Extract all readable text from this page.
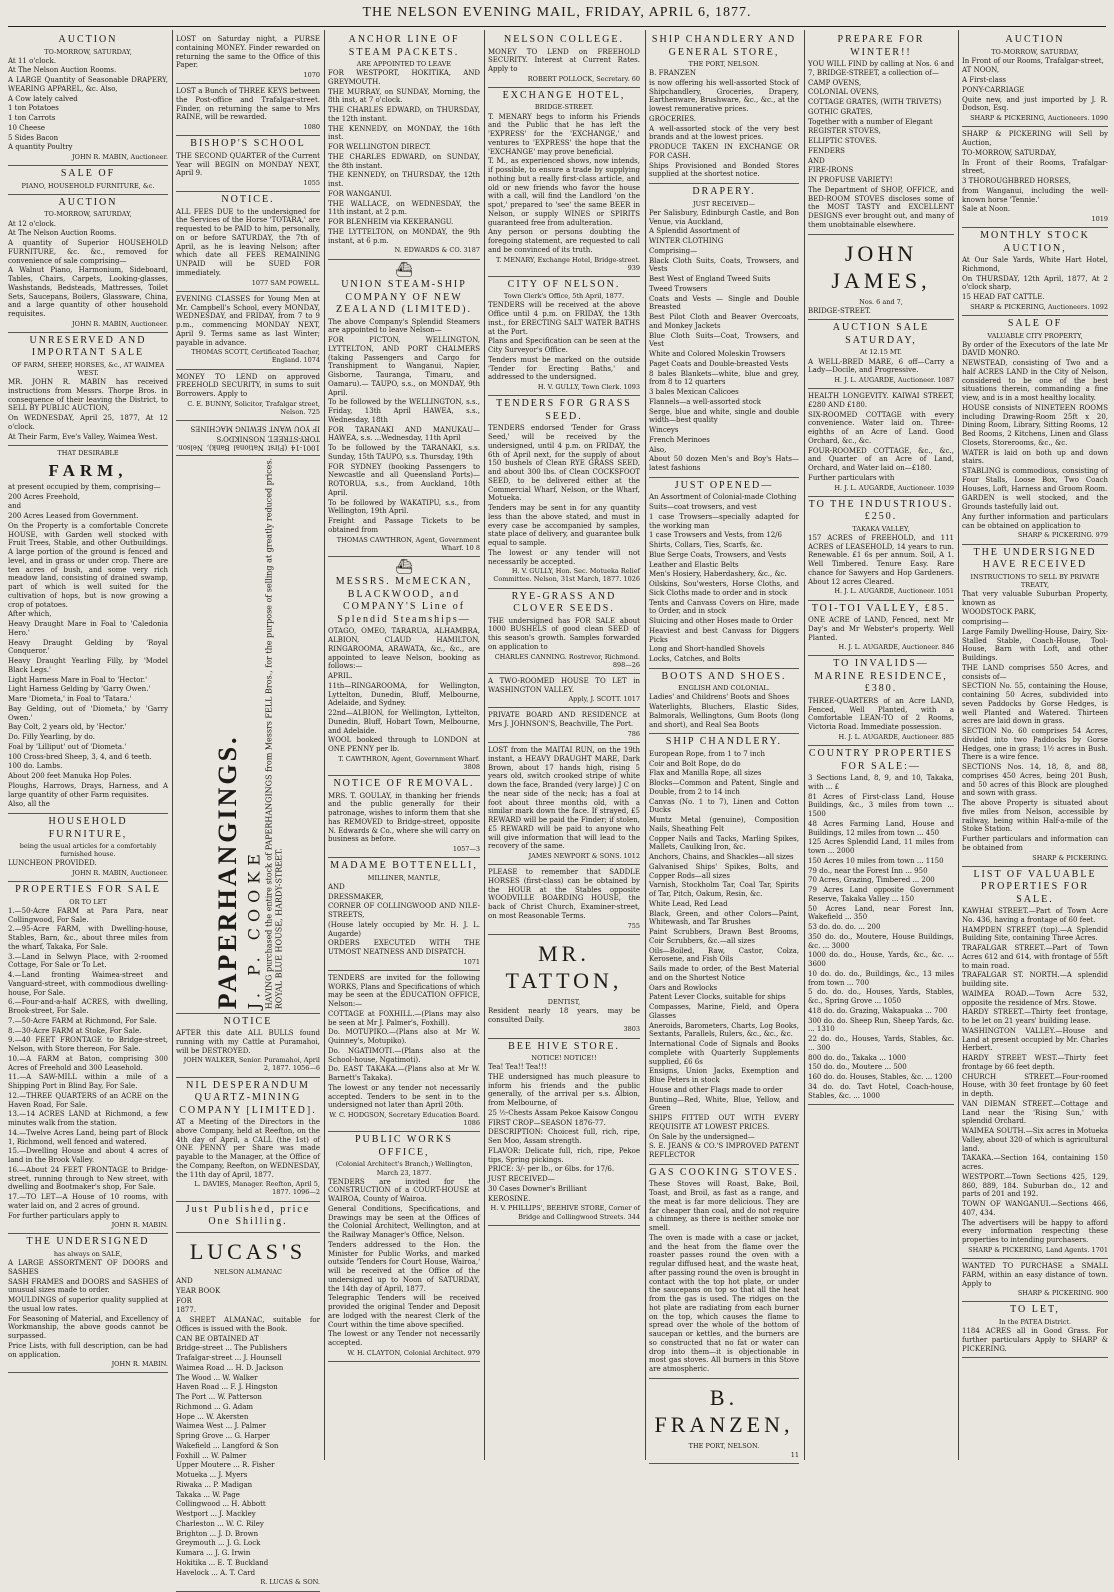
THE NELSON EVENING MAIL, FRIDAY, APRIL 6, 1877.
AUCTION
TO-MORROW, SATURDAY,

At 11 o'clock.

At The Nelson Auction Rooms.

A LARGE Quantity of Seasonable DRAPERY, WEARING APPAREL, &c. Also,

A Cow lately calved

1 ton Potatoes

1 ton Carrots

10 Cheese

5 Sides Bacon

A quantity Poultry

JOHN R. MABIN, Auctioneer.
SALE OF
PIANO, HOUSEHOLD FURNITURE, &c.
AUCTION
TO-MORROW, SATURDAY,

At 12 o'clock.

At The Nelson Auction Rooms.

A quantity of Superior HOUSEHOLD FURNITURE, &c. &c., removed for convenience of sale comprising—

A Walnut Piano, Harmonium, Sideboard, Tables, Chairs, Carpets, Looking-glasses, Washstands, Bedsteads, Mattresses, Toilet Sets, Saucepans, Boilers, Glassware, China, and a large quantity of other household requisites.

JOHN R. MABIN, Auctioneer.
UNRESERVED AND IMPORTANT SALE
OF FARM, SHEEP, HORSES, &c., AT WAIMEA WEST.

MR. JOHN R. MABIN has received instructions from Messrs. Thorpe Bros. in consequence of their leaving the District, to SELL BY PUBLIC AUCTION,

On WEDNESDAY, April 25, 1877, At 12 o'clock.

At Their Farm, Eve's Valley, Waimea West.

THAT DESIRABLE
FARM,

at present occupied by them, comprising—

200 Acres Freehold,

and

200 Acres Leased from Government.

On the Property is a comfortable Concrete HOUSE, with Garden well stocked with Fruit Trees, Stable, and other Outbuildings. A large portion of the ground is fenced and level, and in grass or under crop. There are ten acres of bush, and some very rich meadow land, consisting of drained swamp, part of which is well suited for the cultivation of hops, but is now growing a crop of potatoes.

After which,

Heavy Draught Mare in Foal to 'Caledonia Hero.'

Heavy Draught Gelding by 'Royal Conqueror.'

Heavy Draught Yearling Filly, by 'Model Black Legs.'

Light Harness Mare in Foal to 'Hector.'

Light Harness Gelding by 'Garry Owen.'

Mare 'Diometa,' in Foal to 'Tatara.'

Bay Gelding, out of 'Diometa,' by 'Garry Owen.'

Bay Colt, 2 years old, by 'Hector.'

Do. Filly Yearling, by do.

Foal by 'Lilliput' out of 'Diometa.'

100 Cross-bred Sheep, 3, 4, and 6 teeth.

100 do. Lambs.

About 200 feet Manuka Hop Poles.

Ploughs, Harrows, Drays, Harness, and A large quantity of other Farm requisites.

Also, all the

HOUSEHOLD FURNITURE,
being the usual articles for a comfortably furnished house.

LUNCHEON PROVIDED.

JOHN R. MABIN, Auctioneer.
PROPERTIES FOR SALE
OR TO LET

1.—50-Acre FARM at Para Para, near Collingwood, For Sale.

2.—95-Acre FARM, with Dwelling-house, Stables, Barn, &c., about three miles from the wharf, Takaka, For Sale.

3.—Land in Selwyn Place, with 2-roomed Cottage, For Sale or To Let.

4.—Land fronting Waimea-street and Vanguard-street, with commodious dwelling-house, For Sale.

6.—Four-and-a-half ACRES, with dwelling, Brook-street, For Sale.

7.—50-Acre FARM at Richmond, For Sale.

8.—30-Acre FARM at Stoke, For Sale.

9.—40 FEET FRONTAGE to Bridge-street, Nelson, with Store thereon, For Sale.

10.—A FARM at Baton, comprising 300 Acres of Freehold and 300 Leasehold.

11.—A SAW-MILL within a mile of a Shipping Port in Blind Bay, For Sale.

12.—THREE QUARTERS of an ACRE on the Haven Road, For Sale.

13.—14 ACRES LAND at Richmond, a few minutes walk from the station.

14.—Twelve Acres Land, being part of Block 1, Richmond, well fenced and watered.

15.—Dwelling House and about 4 acres of land in the Brook Valley.

16.—About 24 FEET FRONTAGE to Bridge-street, running through to New street, with dwelling and Bootmaker's shop, For Sale.

17.—TO LET—A House of 10 rooms, with water laid on, and 2 acres of ground.

For further particulars apply to

JOHN R. MABIN.
THE UNDERSIGNED
has always on SALE,

A LARGE ASSORTMENT OF DOORS and SASHES

SASH FRAMES and DOORS and SASHES of unusual sizes made to order.

MOULDINGS of superior quality supplied at the usual low rates.

For Seasoning of Material, and Excellency of Workmanship, the above goods cannot be surpassed.

Price Lists, with full description, can be had on application.

JOHN R. MABIN.

LOST on Saturday night, a PURSE containing MONEY. Finder rewarded on returning the same to the Office of this Paper.

1070

LOST a Bunch of THREE KEYS between the Post-office and Trafalgar-street. Finder, on returning the same to Mrs RAINE, will be rewarded.

1080
BISHOP'S SCHOOL

THE SECOND QUARTER of the Current Year will BEGIN on MONDAY NEXT, April 9.

1055
NOTICE.

ALL FEES DUE to the undersigned for the Services of the Horse 'TOTARA,' are requested to be PAID to him, personally, on or before SATURDAY, the 7th of April, as he is leaving Nelson; after which date all FEES REMAINING UNPAID will be SUED FOR immediately.

1077 SAM POWELL.

EVENING CLASSES for Young Men at Mr. Campbell's School, every MONDAY, WEDNESDAY, and FRIDAY, from 7 to 9 p.m., commencing MONDAY NEXT, April 9. Terms same as last Winter; payable in advance.

THOMAS SCOTT, Certificated Teacher, England. 1074

MONEY TO LEND on approved FREEHOLD SECURITY, in sums to suit Borrowers. Apply to

C. E. BUNNY, Solicitor, Trafalgar street, Nelson. 725

1001-14 (First National Bank), Nelson. TORY-STREET, NOSNIKDO'S

IF YOU WANT SEWING MACHINES

PAPERHANGINGS. J. P. COOKE HAVING purchased the entire stock of PAPERHANGINGS from Messrs FELL Bros., for the purpose of selling at greatly reduced prices. ROYAL BLUE HOUSE, HARDY-STREET.
NOTICE

AFTER this date ALL BULLS found running with my Cattle at Puramahoi, will be DESTROYED.

JOHN WALKER, Senior. Puramahoi, April 2, 1877. 1056—6
NIL DESPERANDUM QUARTZ-MINING COMPANY [LIMITED].

AT a Meeting of the Directors in the above Company, held at Reefton, on the 4th day of April, a CALL (the 1st) of ONE PENNY per Share was made payable to the Manager, at the Office of the Company, Reefton, on WEDNESDAY, the 11th day of April, 1877.

L. DAVIES, Manager. Reefton, April 5, 1877. 1096—2
Just Published, price One Shilling.
LUCAS'S
NELSON ALMANAC

AND

YEAR BOOK

FOR

1877.

A SHEET ALMANAC, suitable for Offices is issued with the Book.

CAN BE OBTAINED AT

Bridge-street ... The Publishers

Trafalgar-street ... J. Hounsell

Waimea Road ... H. D. Jackson

The Wood ... W. Walker

Haven Road ... F. J. Hingston

The Port ... W. Patterson

Richmond ... G. Adam

Hope ... W. Akersten

Waimea West ... J. Palmer

Spring Grove ... G. Harper

Wakefield ... Langford & Son

Foxhill ... W. Palmer

Upper Moutere ... R. Fisher

Motueka ... J. Myers

Riwaka ... P. Madigan

Takaka ... W. Page

Collingwood ... H. Abbott

Westport ... J. Mackley

Charleston ... W. C. Riley

Brighton ... J. D. Brown

Greymouth ... J. G. Lock

Kumara ... J. G. Irwin

Hokitika ... E. T. Buckland

Havelock ... A. T. Card

R. LUCAS & SON.
ANCHOR LINE OF STEAM PACKETS.
ARE APPOINTED TO LEAVE

FOR WESTPORT, HOKITIKA, AND GREYMOUTH.

THE MURRAY, on SUNDAY, Morning, the 8th inst, at 7 o'clock.

THE CHARLES EDWARD, on THURSDAY, the 12th instant.

THE KENNEDY, on MONDAY, the 16th inst.

FOR WELLINGTON DIRECT.

THE CHARLES EDWARD, on SUNDAY, the 8th instant.

THE KENNEDY, on THURSDAY, the 12th inst.

FOR WANGANUI.

THE WALLACE, on WEDNESDAY, the 11th instant, at 2 p.m.

FOR BLENHEIM via KEKERANGU.

THE LYTTELTON, on MONDAY, the 9th instant, at 6 p.m.

N. EDWARDS & CO. 3187
⛴
UNION STEAM-SHIP COMPANY OF NEW ZEALAND (LIMITED).

The above Company's Splendid Steamers are appointed to leave Nelson—

FOR PICTON, WELLINGTON, LYTTELTON, AND PORT CHALMERS (taking Passengers and Cargo for Transhipment to Wanganui, Napier, Gisborne, Tauranga, Timaru, and Oamaru).— TAUPO, s.s., on MONDAY, 9th April.

To be followed by the WELLINGTON, s.s., Friday, 13th April HAWEA, s.s., Wednesday, 18th

FOR TARANAKI AND MANUKAU— HAWEA, s.s. ...Wednesday, 11th April

To be followed by the TARANAKI, s.s. Sunday, 15th TAUPO, s.s. Thursday, 19th

FOR SYDNEY (booking Passengers to Newcastle and all Queensland Ports)— ROTORUA, s.s., from Auckland, 10th April.

To be followed by WAKATIPU, s.s., from Wellington, 19th April.

Freight and Passage Tickets to be obtained from

THOMAS CAWTHRON, Agent, Government Wharf. 10 8
⛴
MESSRS. McMECKAN, BLACKWOOD, and COMPANY'S Line of Splendid Steamships—

OTAGO, OMEO, TARARUA, ALHAMBRA, ALBION, CLAUD HAMILTON, RINGAROOMA, ARAWATA, &c., &c., are appointed to leave Nelson, booking as follows:—

APRIL.

11th—RINGAROOMA, for Wellington, Lyttelton, Dunedin, Bluff, Melbourne, Adelaide, and Sydney.

22nd—ALBION, for Wellington, Lyttelton, Dunedin, Bluff, Hobart Town, Melbourne, and Adelaide.

WOOL booked through to LONDON at ONE PENNY per lb.

T. CAWTHRON, Agent, Government Wharf. 3808
NOTICE OF REMOVAL.

MRS. T. GOULAY, in thanking her friends and the public generally for their patronage, wishes to inform them that she has REMOVED to Bridge-street, opposite N. Edwards & Co., where she will carry on business as before.

1057—3
MADAME BOTTENELLI,
MILLINER, MANTLE,

AND

DRESSMAKER,

CORNER OF COLLINGWOOD AND NILE-STREETS,

(House lately occupied by Mr. H. J. L. Augarde)

ORDERS EXECUTED WITH THE UTMOST NEATNESS AND DISPATCH.

1071

TENDERS are invited for the following WORKS, Plans and Specifications of which may be seen at the EDUCATION OFFICE, Nelson:—

COTTAGE at FOXHILL.—(Plans may also be seen at Mr J. Palmer's, Foxhill).

Do. MOTUPIKO.—(Plans also at Mr W. Quinney's, Motupiko).

Do. NGATIMOTI.—(Plans also at the School-house, Ngatimoti).

Do. EAST TAKAKA.—(Plans also at Mr W. Barnett's Takaka).

The lowest or any tender not necessarily accepted. Tenders to be sent in to the undersigned not later than April 20th.

W. C. HODGSON, Secretary Education Board. 1086
PUBLIC WORKS OFFICE,
(Colonial Architect's Branch,) Wellington, March 23, 1877.

TENDERS are invited for the CONSTRUCTION of a COURT-HOUSE at WAIROA, County of Wairoa.

General Conditions, Specifications, and Drawings may be seen at the Offices of the Colonial Architect, Wellington, and at the Railway Manager's Office, Nelson.

Tenders addressed to the Hon. the Minister for Public Works, and marked outside 'Tenders for Court House, Wairoa,' will be received at the Office of the undersigned up to Noon of SATURDAY, the 14th day of April, 1877.

Telegraphic Tenders will be received provided the original Tender and Deposit are lodged with the nearest Clerk of the Court within the time above specified.

The lowest or any Tender not necessarily accepted.

W. H. CLAYTON, Colonial Architect. 979
NELSON COLLEGE.

MONEY TO LEND on FREEHOLD SECURITY. Interest at Current Rates. Apply to

ROBERT POLLOCK, Secretary. 60
EXCHANGE HOTEL,
BRIDGE-STREET.

T. MENARY begs to inform his Friends and the Public that he has left the 'EXPRESS' for the 'EXCHANGE,' and ventures to 'EXPRESS' the hope that the 'EXCHANGE' may prove beneficial.

T. M., as experienced shows, now intends, if possible, to ensure a trade by supplying nothing but a really first-class article, and old or new friends who favor the house with a call, will find the Landlord 'on the spot,' prepared to 'see' the same BEER in Nelson, or supply WINES or SPIRITS guaranteed free from adulteration.

Any person or persons doubting the foregoing statement, are requested to call and be convinced of its truth.

T. MENARY, Exchange Hotel, Bridge-street. 939
CITY OF NELSON.
Town Clerk's Office, 5th April, 1877.

TENDERS will be received at the above Office until 4 p.m. on FRIDAY, the 13th inst., for ERECTING SALT WATER BATHS at the Port.

Plans and Specification can be seen at the City Surveyor's Office.

Tenders must be marked on the outside 'Tender for Erecting Baths,' and addressed to the undersigned.

H. V. GULLY, Town Clerk. 1093
TENDERS FOR GRASS SEED.

TENDERS endorsed 'Tender for Grass Seed,' will be received by the undersigned, until 4 p.m. on FRIDAY, the 6th of April next, for the supply of about 150 bushels of Clean RYE GRASS SEED, and about 300 lbs. of Clean COCKSFOOT SEED, to be delivered either at the Commercial Wharf, Nelson, or the Wharf, Motueka.

Tenders may be sent in for any quantity less than the above stated, and must in every case be accompanied by samples, state place of delivery, and guarantee bulk equal to sample.

The lowest or any tender will not necessarily be accepted.

H. V. GULLY, Hon. Sec. Motueka Relief Committee. Nelson, 31st March, 1877. 1026
RYE-GRASS AND CLOVER SEEDS.

THE undersigned has FOR SALE about 1000 BUSHELS of good clean SEED of this season's growth. Samples forwarded on application to

CHARLES CANNING. Rostrevor, Richmond. 898—26

A TWO-ROOMED HOUSE TO LET in WASHINGTON VALLEY.

Apply, J. SCOTT. 1017

PRIVATE BOARD AND RESIDENCE at Mrs J. JOHNSON'S, Beachville, The Port.

786

LOST from the MAITAI RUN, on the 19th instant, a HEAVY DRAUGHT MARE, Dark Brown, about 17 hands high, rising 5 years old, switch crooked stripe of white down the face, Branded (very large) J C on the near side of the neck; has a foal at foot about three months old, with a similar mark down the face. If strayed, £5 REWARD will be paid the Finder; if stolen, £5 REWARD will be paid to anyone who will give information that will lead to the recovery of the same.

JAMES NEWPORT & SONS. 1012

PLEASE to remember that SADDLE HORSES (first-class) can be obtained by the HOUR at the Stables opposite WOODVILLE BOARDING HOUSE, the back of Christ Church, Examiner-street, on most Reasonable Terms.

755
MR. TATTON,
DENTIST,

Resident nearly 18 years, may be consulted Daily.

3803
BEE HIVE STORE.
NOTICE! NOTICE!!

Tea! Tea!! Tea!!!

THE undersigned has much pleasure to inform his friends and the public generally, of the arrival per s.s. Albion, from Melbourne, of

25 ½-Chests Assam Pekoe Kaisow Congou

FIRST CROP—SEASON 1876-77.

DESCRIPTION: Choicest full, rich, ripe, Sen Moo, Assam strength.

FLAVOR: Delicate full, rich, ripe, Pekoe tips, Spring pickings.

PRICE: 3/- per lb., or 6lbs. for 17/6.

JUST RECEIVED—

30 Cases Downer's Brilliant

KEROSINE.

H. V. PHILLIPS', BEEHIVE STORE, Corner of Bridge and Collingwood Streets. 344
SHIP CHANDLERY AND GENERAL STORE,
THE PORT, NELSON.

B. FRANZEN

is now offering his well-assorted Stock of Shipchandlery, Groceries, Drapery, Earthenware, Brushware, &c., &c., at the lowest remunerative prices.

GROCERIES.

A well-assorted stock of the very best brands and at the lowest prices.

PRODUCE TAKEN IN EXCHANGE OR FOR CASH.

Ships Provisioned and Bonded Stores supplied at the shortest notice.

DRAPERY.
JUST RECEIVED—

Per Salisbury, Edinburgh Castle, and Bon Venue, via Auckland,

A Splendid Assortment of

WINTER CLOTHING

Comprising—

Black Cloth Suits, Coats, Trowsers, and Vests

Best West of England Tweed Suits

Tweed Trowsers

Coats and Vests — Single and Double Breasted

Best Pilot Cloth and Beaver Overcoats, and Monkey Jackets

Blue Cloth Suits—Coat, Trowsers, and Vest

White and Colored Moleskin Trowsers

Paget Coats and Double-breasted Vests

8 bales Blankets—white, blue and grey, from 8 to 12 quarters

3 bales Mexican Calicoes

Flannels—a well-assorted stock

Serge, blue and white, single and double width—best quality

Winceys

French Merinoes

Also,

About 50 dozen Men's and Boy's Hats—latest fashions

JUST OPENED—

An Assortment of Colonial-made Clothing

Suits—coat trowsers, and vest

1 case Trowsers—specially adapted for the working man

1 case Trowsers and Vests, from 12/6

Shirts, Collars, Ties, Scarfs, &c.

Blue Serge Coats, Trowsers, and Vests

Leather and Elastic Belts

Men's Hosiery, Haberdashery, &c., &c.

Oilskins, Sou'westers, Horse Cloths, and Sick Cloths made to order and in stock

Tents and Canvass Covers on Hire, made to Order, and in stock

Sluicing and other Hoses made to Order

Heaviest and best Canvass for Diggers Picks

Long and Short-handled Shovels

Locks, Catches, and Bolts

BOOTS AND SHOES.
ENGLISH AND COLONIAL.

Ladies' and Childrens' Boots and Shoes

Waterlights, Bluchers, Elastic Sides, Balmorals, Wellingtons, Gum Boots (long and short), and Real Sea Boots

SHIP CHANDLERY.

European Rope, from 1 to 7 inch

Coir and Bolt Rope, do do

Flax and Manilla Rope, all sizes

Blocks—Common and Patent, Single and Double, from 2 to 14 inch

Canvas (No. 1 to 7), Linen and Cotton Ducks

Muntz Metal (genuine), Composition Nails, Sheathing Felt

Copper Nails and Tacks, Marling Spikes, Mallets, Caulking Iron, &c.

Anchors, Chains, and Shackles—all sizes

Galvanised Ships' Spikes, Bolts, and Copper Rods—all sizes

Varnish, Stockholm Tar, Coal Tar, Spirits of Tar, Pitch, Oakum, Resin, &c.

White Lead, Red Lead

Black, Green, and other Colors—Paint, Whitewash, and Tar Brushes

Paint Scrubbers, Drawn Best Brooms, Coir Scrubbers, &c.—all sizes

Oils—Boiled, Raw, Castor, Colza, Kerosene, and Fish Oils

Sails made to order, of the Best Material and on the Shortest Notice

Oars and Rowlocks

Patent Lever Clocks, suitable for ships

Compasses, Marine, Field, and Opera Glasses

Aneroids, Barometers, Charts, Log Books, Sextants, Parallels, Rulers, &c., &c., &c.

International Code of Signals and Books complete with Quarterly Supplements supplied, £6 6s

Ensigns, Union Jacks, Exemption and Blue Peters in stock

House and other Flags made to order

Bunting—Red, White, Blue, Yellow, and Green

SHIPS FITTED OUT WITH EVERY REQUISITE AT LOWEST PRICES.

On Sale by the undersigned—

S. E. JEANS & CO.'S IMPROVED PATENT REFLECTOR

GAS COOKING STOVES.

These Stoves will Roast, Bake, Boil, Toast, and Broil, as fast as a range, and the meat is far more delicious. They are far cheaper than coal, and do not require a chimney, as there is neither smoke nor smell.

The oven is made with a case or jacket, and the heat from the flame over the roaster passes round the oven with a regular diffused heat, and the waste heat, after passing round the oven is brought in contact with the top hot plate, or under the saucepans on top so that all the heat from the gas is used. The ridges on the hot plate are radiating from each burner on the top, which causes the flame to spread over the whole of the bottom of saucepan or kettles, and the burners are so constructed that no fat or water can drop into them—it is objectionable in most gas stoves. All burners in this Stove are atmospheric.

B. FRANZEN,
THE PORT, NELSON.
11
PREPARE FOR WINTER!!

YOU WILL FIND by calling at Nos. 6 and 7, BRIDGE-STREET, a collection of—

CAMP OVENS,

COLONIAL OVENS,

COTTAGE GRATES, (WITH TRIVETS)

GOTHIC GRATES,

Together with a number of Elegant

REGISTER STOVES,

ELLIPTIC STOVES.

FENDERS

AND

FIRE-IRONS

IN PROFUSE VARIETY!

The Department of SHOP, OFFICE, and BED-ROOM STOVES discloses some of the MOST TASTY and EXCELLENT DESIGNS ever brought out, and many of them unobtainable elsewhere.

JOHN JAMES,
Nos. 6 and 7,

BRIDGE-STREET.

AUCTION SALE SATURDAY,
At 12.15 MT.

A WELL-BRED MARE, 6 off—Carry a Lady—Docile, and Progressive.

H. J. L. AUGARDE, Auctioneer. 1087

HEALTH LONGEVITY. KAIWAI STREET, £280 AND £180.

SIX-ROOMED COTTAGE with every convenience. Water laid on. Three-eighths of an Acre of Land. Good Orchard, &c., &c.

FOUR-ROOMED COTTAGE, &c., &c., and Quarter of an Acre of Land, Orchard, and Water laid on—£180.

Further particulars with

H. J. L. AUGARDE, Auctioneer. 1039
TO THE INDUSTRIOUS. £250.
TAKAKA VALLEY,

157 ACRES of FREEHOLD, and 111 ACRES of LEASEHOLD, 14 years to run. Renewable. £1 6s per annum. Soil, A 1. Well Timbered. Tenure Easy. Rare chance for Sawyers and Hop Gardeners. About 12 acres Cleared.

H. J. L. AUGARDE, Auctioneer. 1051
TOI-TOI VALLEY, £85.

ONE ACRE of LAND, Fenced, next Mr Day's and Mr Webster's property. Well Planted.

H. J. L. AUGARDE, Auctioneer. 846
TO INVALIDS—MARINE RESIDENCE, £380.

THREE-QUARTERS of an Acre LAND, Fenced, Well Planted, with a Comfortable LEAN-TO of 2 Rooms, Victoria Road. Immediate possession.

H. J. L. AUGARDE, Auctioneer. 885
COUNTRY PROPERTIES FOR SALE:—

3 Sections Land, 8, 9, and 10, Takaka, with ... £

81 Acres of First-class Land, House Buildings, &c., 3 miles from town ... 1500

48 Acres Farming Land, House and Buildings, 12 miles from town ... 450

125 Acres Splendid Land, 11 miles from town ... 2000

150 Acres 10 miles from town ... 1150

79 do., near the Forest Inn ... 950

70 Acres, Grazing, Timbered ... 200

79 Acres Land opposite Government Reserve, Takaka Valley ... 150

50 Acres Land, near Forest Inn, Wakefield ... 350

53 do. do. do. ... 200

350 do. do., Moutere, House Buildings, &c. ... 3000

1000 do. do., House, Yards, &c., &c. ... 3600

10 do. do. do., Buildings, &c., 13 miles from town ... 700

5 do. do. do., Houses, Yards, Stables, &c., Spring Grove ... 1050

418 do. do. Grazing, Wakapuaka ... 700

300 do. do. Sheep Run, Sheep Yards, &c. ... 1310

22 do. do., Houses, Yards, Stables, &c. ... 300

800 do. do., Takaka ... 1000

150 do. do., Moutere ... 500

160 do. do. Houses, Stables, &c. ... 1200

34 do. do. Tavt Hotel, Coach-house, Stables, &c. ... 1000

AUCTION
TO-MORROW, SATURDAY,

In Front of our Rooms, Trafalgar-street,

AT NOON,

A First-class

PONY-CARRIAGE

Quite new, and just imported by J. R. Dodson, Esq.

SHARP & PICKERING, Auctioneers. 1090

SHARP & PICKERING will Sell by Auction,

TO-MORROW, SATURDAY,

In Front of their Rooms, Trafalgar-street,

3 THOROUGHBRED HORSES,

from Wanganui, including the well-known horse 'Tennie.'

Sale at Noon.

1019
MONTHLY STOCK AUCTION,

At Our Sale Yards, White Hart Hotel, Richmond,

On THURSDAY, 12th April, 1877, At 2 o'clock sharp,

15 HEAD FAT CATTLE.

SHARP & PICKERING, Auctioneers. 1092
SALE OF
VALUABLE CITY PROPERTY,

By order of the Executors of the late Mr DAVID MONRO.

NEWSTEAD, consisting of Two and a half ACRES LAND in the City of Nelson, considered to be one of the best situations therein, commanding a fine view, and is in a most healthy locality.

HOUSE consists of NINETEEN ROOMS including Drawing-Room 25ft x 20, Dining Room, Library, Sitting Rooms, 12 Bed Rooms, 2 Kitchens, Linen and Glass Closets, Storerooms, &c., &c.

WATER is laid on both up and down stairs.

STABLING is commodious, consisting of Four Stalls, Loose Box, Two Coach Houses, Loft, Harness and Groom Room.

GARDEN is well stocked, and the Grounds tastefully laid out.

Any further information and particulars can be obtained on application to

SHARP & PICKERING. 979
THE UNDERSIGNED HAVE RECEIVED
INSTRUCTIONS TO SELL BY PRIVATE TREATY,

That very valuable Suburban Property, known as

WOODSTOCK PARK,

comprising—

Large Family Dwelling-House, Dairy, Six-Stalled Stable, Coach-House, Tool-House, Barn with Loft, and other Buildings.

THE LAND comprises 550 Acres, and consists of—

SECTION No. 55, containing the House, containing 50 Acres, subdivided into seven Paddocks by Gorse Hedges, is well Planted and Watered. Thirteen acres are laid down in grass.

SECTION No. 60 comprises 54 Acres, divided into two Paddocks by Gorse Hedges, one in grass; 1½ acres in Bush. There is a wire fence.

SECTIONS Nos. 14, 18, 8, and 88, comprises 450 Acres, being 201 Bush, and 50 acres of this Block are ploughed and sown with grass.

The above Property is situated about five miles from Nelson, accessible by railway, being within Half-a-mile of the Stoke Station.

Further particulars and information can be obtained from

SHARP & PICKERING.
LIST OF VALUABLE PROPERTIES FOR SALE.

KAWHAI STREET.—Part of Town Acre No. 436, having a frontage of 60 feet.

HAMPDEN STREET (top).—A Splendid Building Site, containing Three Acres.

TRAFALGAR STREET.—Part of Town Acres 612 and 614, with frontage of 55ft to main road.

TRAFALGAR ST. NORTH.—A splendid building site.

WAIMEA ROAD.—Town Acre 532, opposite the residence of Mrs. Stowe.

HARDY STREET.—Thirty feet frontage, to be let on 21 years' building lease.

WASHINGTON VALLEY.—House and Land at present occupied by Mr. Charles Herbert.

HARDY STREET WEST.—Thirty feet frontage by 66 feet depth.

CHURCH STREET.—Four-roomed House, with 30 feet frontage by 60 feet in depth.

VAN DIEMAN STREET.—Cottage and Land near the 'Rising Sun,' with splendid Orchard.

WAIMEA SOUTH.—Six acres in Motueka Valley, about 320 of which is agricultural land.

TAKAKA.—Section 164, containing 150 acres.

WESTPORT.—Town Sections 425, 129, 860, 889, 184. Suburban do., 12 and parts of 201 and 192.

TOWN OF WANGANUI.—Sections 466, 407, 434.

The advertisers will be happy to afford every information respecting these properties to intending purchasers.

SHARP & PICKERING, Land Agents. 1701

WANTED TO PURCHASE a SMALL FARM, within an easy distance of town. Apply to

SHARP & PICKERING. 900
TO LET,
In the PATEA District.

1184 ACRES all in Good Grass. For further particulars Apply to SHARP & PICKERING.
